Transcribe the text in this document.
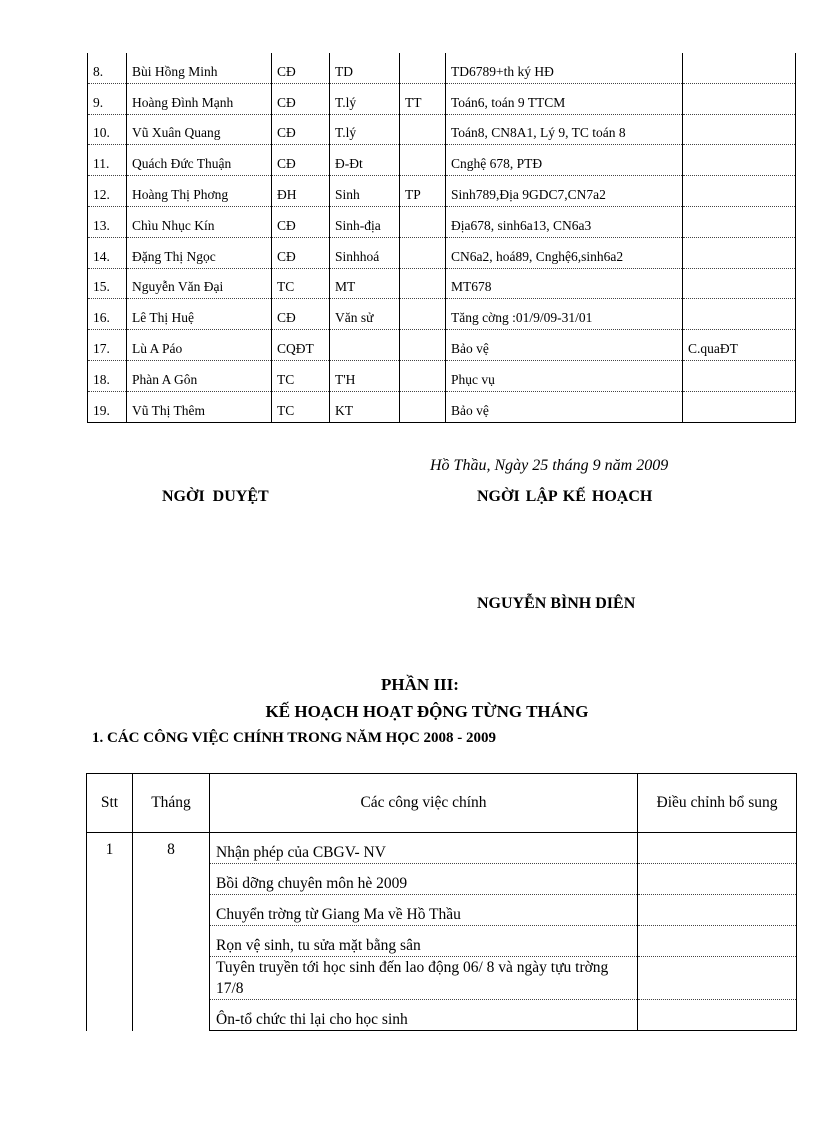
8.	Bùi Hồng Minh	CĐ	TD		TD6789+th ký HĐ	
9.	Hoàng Đình Mạnh	CĐ	T.lý	TT	Toán6, toán 9 TTCM	
10.	Vũ Xuân Quang	CĐ	T.lý		Toán8, CN8A1, Lý 9, TC toán 8	
11.	Quách Đức Thuận	CĐ	Đ-Đt		Cnghệ 678, PTĐ	
12.	Hoàng Thị Phơng	ĐH	Sinh	TP	Sinh789,Địa 9GDC7,CN7a2	
13.	Chìu Nhục Kín	CĐ	Sinh-địa		Địa678, sinh6a13, CN6a3	
14.	Đặng Thị Ngọc	CĐ	Sinhhoá		CN6a2, hoá89, Cnghệ6,sinh6a2	
15.	Nguyễn Văn Đại	TC	MT		MT678	
16.	Lê Thị Huệ	CĐ	Văn sử		Tăng cờng :01/9/09-31/01	
17.	Lù A Páo	CQĐT			Bảo vệ	C.quaĐT
18.	Phàn A Gôn	TC	T'H		Phục vụ	
19.	Vũ Thị Thêm	TC	KT		Bảo vệ	
Hồ Thầu, Ngày 25 tháng 9 năm 2009
NGỜI DUYỆT	NGỜI LẬP KẾ HOẠCH
NGUYỄN BÌNH DIÊN
PHẦN III:
KẾ HOẠCH HOẠT ĐỘNG TỪNG THÁNG
1. CÁC CÔNG VIỆC CHÍNH TRONG NĂM HỌC 2008 - 2009
Stt	Tháng	Các công việc chính	Điều chỉnh bổ sung
1	8	Nhận phép của CBGV- NV	
		Bồi dỡng chuyên môn hè 2009	
		Chuyển trờng từ Giang Ma về Hồ Thầu	
		Rọn vệ sinh, tu sửa mặt bằng sân	
		Tuyên truyền tới học sinh đến lao động 06/ 8 và ngày tựu trờng 17/8	
		Ôn-tổ chức thi lại cho học sinh	
